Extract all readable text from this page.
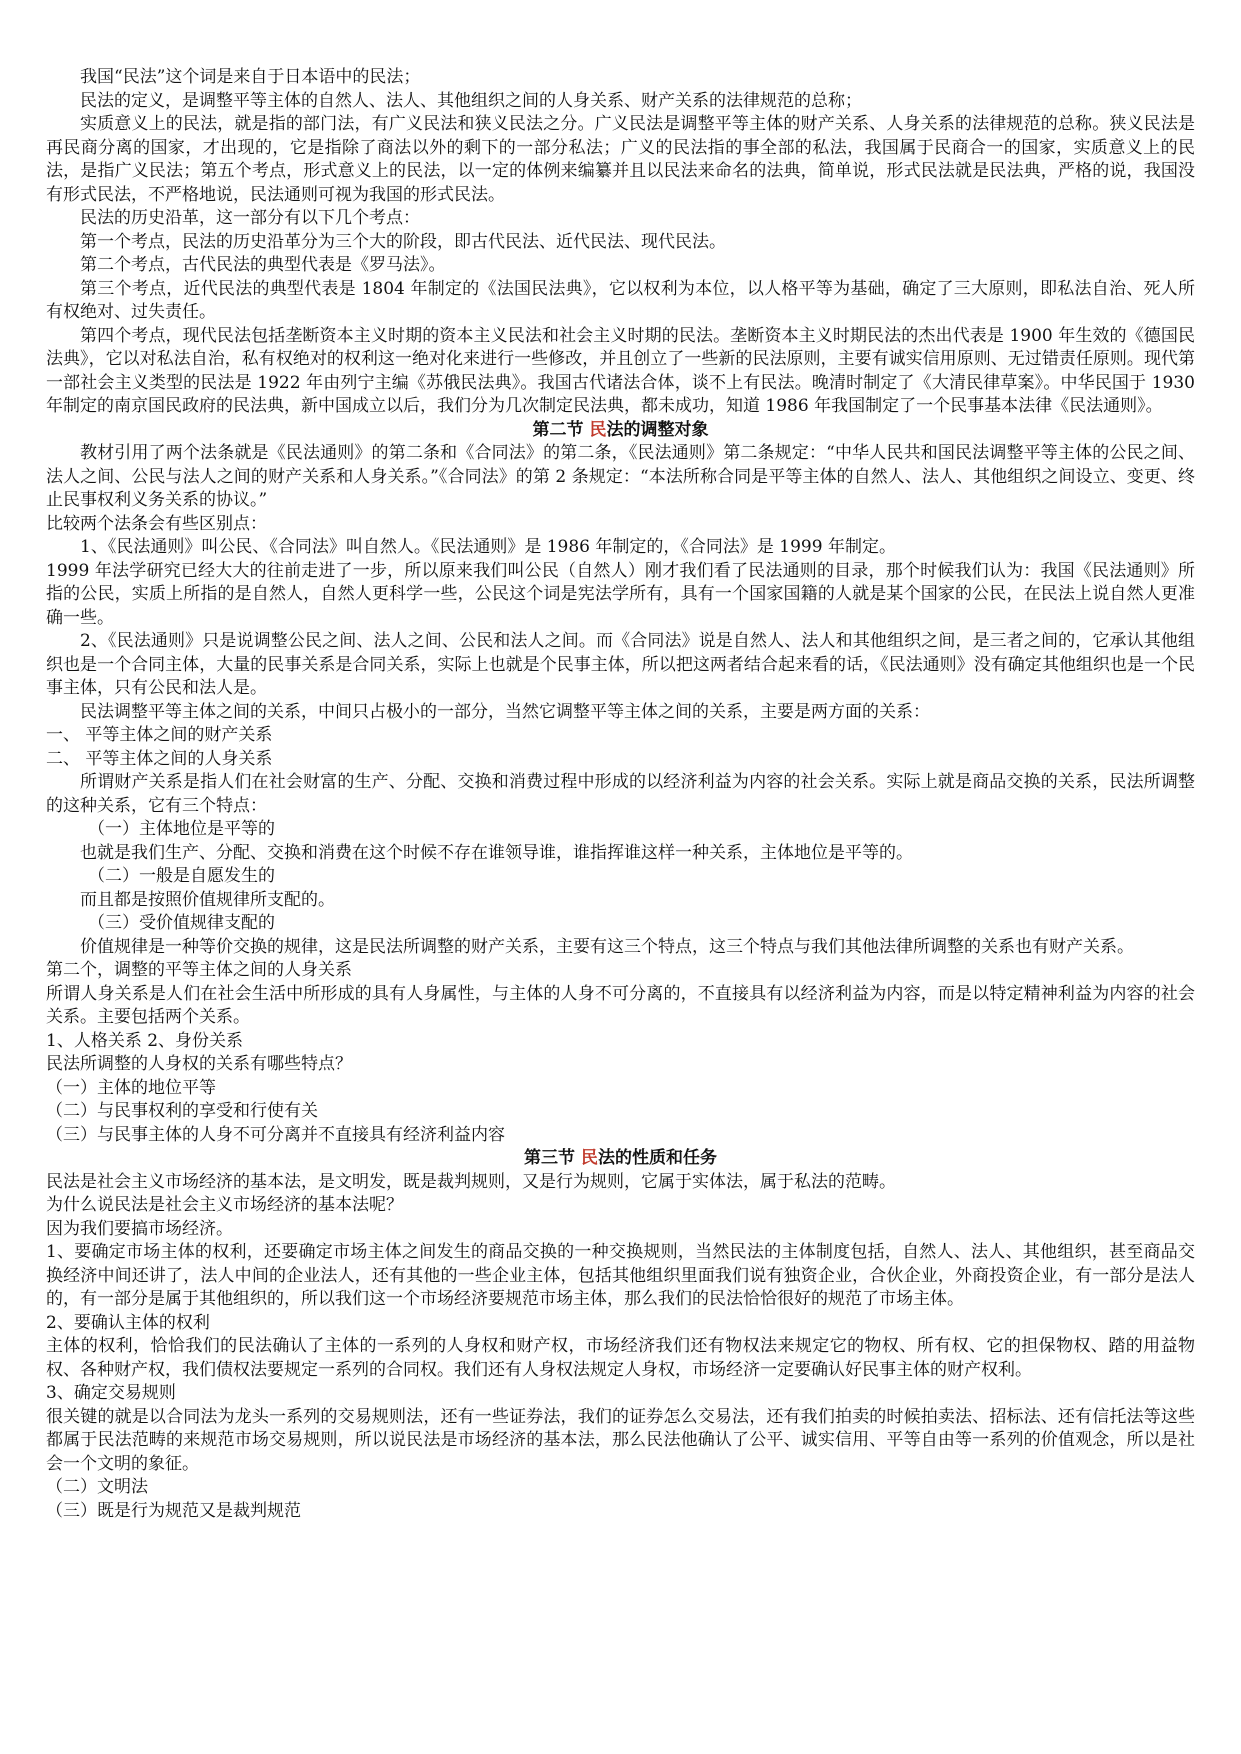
我国“民法”这个词是来自于日本语中的民法；

民法的定义，是调整平等主体的自然人、法人、其他组织之间的人身关系、财产关系的法律规范的总称；

实质意义上的民法，就是指的部门法，有广义民法和狭义民法之分。广义民法是调整平等主体的财产关系、人身关系的法律规范的总称。狭义民法是再民商分离的国家，才出现的，它是指除了商法以外的剩下的一部分私法；广义的民法指的事全部的私法，我国属于民商合一的国家，实质意义上的民法，是指广义民法；第五个考点，形式意义上的民法，以一定的体例来编纂并且以民法来命名的法典，简单说，形式民法就是民法典，严格的说，我国没有形式民法，不严格地说，民法通则可视为我国的形式民法。

民法的历史沿革，这一部分有以下几个考点：

第一个考点，民法的历史沿革分为三个大的阶段，即古代民法、近代民法、现代民法。

第二个考点，古代民法的典型代表是《罗马法》。

第三个考点，近代民法的典型代表是 1804 年制定的《法国民法典》，它以权利为本位，以人格平等为基础，确定了三大原则，即私法自治、死人所有权绝对、过失责任。

第四个考点，现代民法包括垄断资本主义时期的资本主义民法和社会主义时期的民法。垄断资本主义时期民法的杰出代表是 1900 年生效的《德国民法典》，它以对私法自治，私有权绝对的权利这一绝对化来进行一些修改，并且创立了一些新的民法原则，主要有诚实信用原则、无过错责任原则。现代第一部社会主义类型的民法是 1922 年由列宁主编《苏俄民法典》。我国古代诸法合体，谈不上有民法。晚清时制定了《大清民律草案》。中华民国于 1930 年制定的南京国民政府的民法典，新中国成立以后，我们分为几次制定民法典，都未成功，知道 1986 年我国制定了一个民事基本法律《民法通则》。

第二节 民法的调整对象

教材引用了两个法条就是《民法通则》的第二条和《合同法》的第二条，《民法通则》第二条规定：“中华人民共和国民法调整平等主体的公民之间、法人之间、公民与法人之间的财产关系和人身关系。”《合同法》的第 2 条规定：“本法所称合同是平等主体的自然人、法人、其他组织之间设立、变更、终止民事权利义务关系的协议。”

比较两个法条会有些区别点：

1、《民法通则》叫公民、《合同法》叫自然人。《民法通则》是 1986 年制定的，《合同法》是 1999 年制定。

1999 年法学研究已经大大的往前走进了一步，所以原来我们叫公民（自然人）刚才我们看了民法通则的目录，那个时候我们认为：我国《民法通则》所指的公民，实质上所指的是自然人，自然人更科学一些，公民这个词是宪法学所有，具有一个国家国籍的人就是某个国家的公民，在民法上说自然人更准确一些。

2、《民法通则》只是说调整公民之间、法人之间、公民和法人之间。而《合同法》说是自然人、法人和其他组织之间，是三者之间的，它承认其他组织也是一个合同主体，大量的民事关系是合同关系，实际上也就是个民事主体，所以把这两者结合起来看的话，《民法通则》没有确定其他组织也是一个民事主体，只有公民和法人是。

民法调整平等主体之间的关系，中间只占极小的一部分，当然它调整平等主体之间的关系，主要是两方面的关系：

一、 平等主体之间的财产关系

二、 平等主体之间的人身关系

所谓财产关系是指人们在社会财富的生产、分配、交换和消费过程中形成的以经济利益为内容的社会关系。实际上就是商品交换的关系，民法所调整的这种关系，它有三个特点：

（一）主体地位是平等的

也就是我们生产、分配、交换和消费在这个时候不存在谁领导谁，谁指挥谁这样一种关系，主体地位是平等的。

（二）一般是自愿发生的

而且都是按照价值规律所支配的。

（三）受价值规律支配的

价值规律是一种等价交换的规律，这是民法所调整的财产关系，主要有这三个特点，这三个特点与我们其他法律所调整的关系也有财产关系。

第二个，调整的平等主体之间的人身关系

所谓人身关系是人们在社会生活中所形成的具有人身属性，与主体的人身不可分离的，不直接具有以经济利益为内容，而是以特定精神利益为内容的社会关系。主要包括两个关系。

1、人格关系 2、身份关系

民法所调整的人身权的关系有哪些特点？

（一）主体的地位平等

（二）与民事权利的享受和行使有关

（三）与民事主体的人身不可分离并不直接具有经济利益内容

第三节 民法的性质和任务

民法是社会主义市场经济的基本法，是文明发，既是裁判规则，又是行为规则，它属于实体法，属于私法的范畴。

为什么说民法是社会主义市场经济的基本法呢？

因为我们要搞市场经济。

1、要确定市场主体的权利，还要确定市场主体之间发生的商品交换的一种交换规则，当然民法的主体制度包括，自然人、法人、其他组织，甚至商品交换经济中间还讲了，法人中间的企业法人，还有其他的一些企业主体，包括其他组织里面我们说有独资企业，合伙企业，外商投资企业，有一部分是法人的，有一部分是属于其他组织的，所以我们这一个市场经济要规范市场主体，那么我们的民法恰恰很好的规范了市场主体。

2、要确认主体的权利

主体的权利，恰恰我们的民法确认了主体的一系列的人身权和财产权，市场经济我们还有物权法来规定它的物权、所有权、它的担保物权、踏的用益物权、各种财产权，我们债权法要规定一系列的合同权。我们还有人身权法规定人身权，市场经济一定要确认好民事主体的财产权利。

3、确定交易规则

很关键的就是以合同法为龙头一系列的交易规则法，还有一些证券法，我们的证券怎么交易法，还有我们拍卖的时候拍卖法、招标法、还有信托法等这些都属于民法范畴的来规范市场交易规则，所以说民法是市场经济的基本法，那么民法他确认了公平、诚实信用、平等自由等一系列的价值观念，所以是社会一个文明的象征。

（二）文明法

（三）既是行为规范又是裁判规范
